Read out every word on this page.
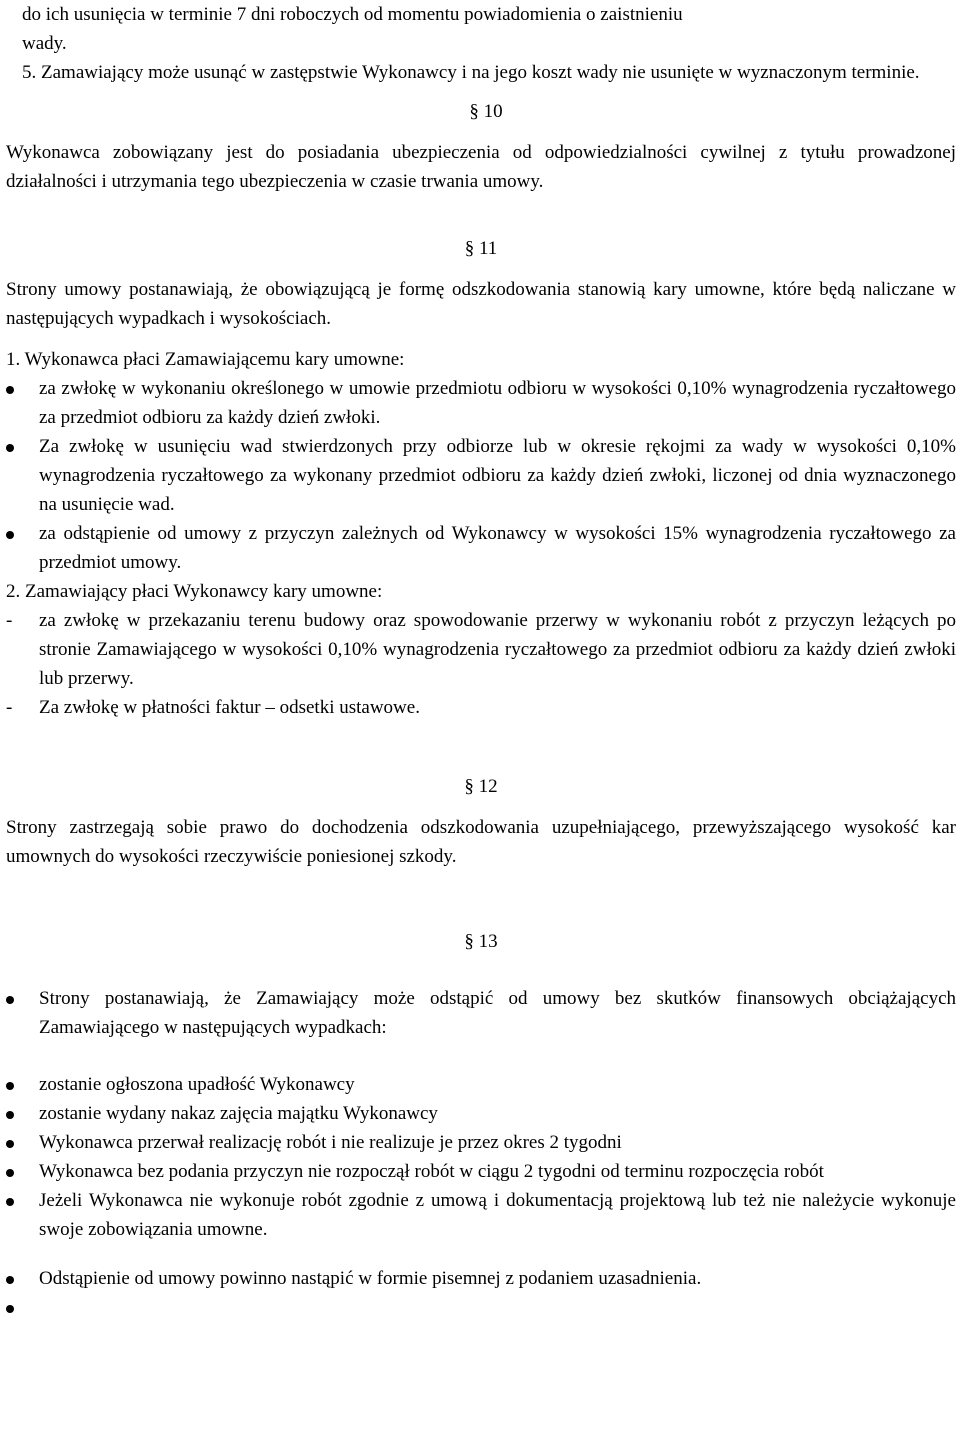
do ich usunięcia w terminie 7 dni roboczych od momentu powiadomienia o zaistnieniu

wady.

5. Zamawiający może usunąć w zastępstwie Wykonawcy i na jego koszt wady nie usunięte w wyznaczonym terminie.

§ 10

Wykonawca zobowiązany jest do posiadania ubezpieczenia od odpowiedzialności cywilnej z tytułu prowadzonej działalności i utrzymania tego ubezpieczenia w czasie trwania umowy.

§ 11

Strony umowy postanawiają, że obowiązującą je formę odszkodowania stanowią kary umowne, które będą naliczane w następujących wypadkach i wysokościach.

1. Wykonawca płaci Zamawiającemu kary umowne:

za zwłokę w wykonaniu określonego w umowie przedmiotu odbioru w wysokości 0,10% wynagrodzenia ryczałtowego za przedmiot odbioru za każdy dzień zwłoki.
Za zwłokę w usunięciu wad stwierdzonych przy odbiorze lub w okresie rękojmi za wady w wysokości 0,10% wynagrodzenia ryczałtowego za wykonany przedmiot odbioru za każdy dzień zwłoki, liczonej od dnia wyznaczonego na usunięcie wad.
za odstąpienie od umowy z przyczyn zależnych od Wykonawcy w wysokości 15% wynagrodzenia ryczałtowego za przedmiot umowy.

2. Zamawiający płaci Wykonawcy kary umowne:

-	za zwłokę w przekazaniu terenu budowy oraz spowodowanie przerwy w wykonaniu robót z przyczyn leżących po stronie Zamawiającego w wysokości 0,10% wynagrodzenia ryczałtowego za przedmiot odbioru za każdy dzień zwłoki lub przerwy.
-	Za zwłokę w płatności faktur – odsetki ustawowe.

§ 12

Strony zastrzegają sobie prawo do dochodzenia odszkodowania uzupełniającego, przewyższającego wysokość kar umownych do wysokości rzeczywiście poniesionej szkody.

§ 13

Strony postanawiają, że Zamawiający może odstąpić od umowy bez skutków finansowych obciążających Zamawiającego w następujących wypadkach:
zostanie ogłoszona upadłość Wykonawcy
zostanie wydany nakaz zajęcia majątku Wykonawcy
Wykonawca przerwał realizację robót i nie realizuje je przez okres 2 tygodni
Wykonawca bez podania przyczyn nie rozpoczął robót w ciągu 2 tygodni od terminu rozpoczęcia robót
Jeżeli Wykonawca nie wykonuje robót zgodnie z umową i dokumentacją projektową lub też nie należycie wykonuje swoje zobowiązania umowne.
Odstąpienie od umowy powinno nastąpić w formie pisemnej z podaniem uzasadnienia.
